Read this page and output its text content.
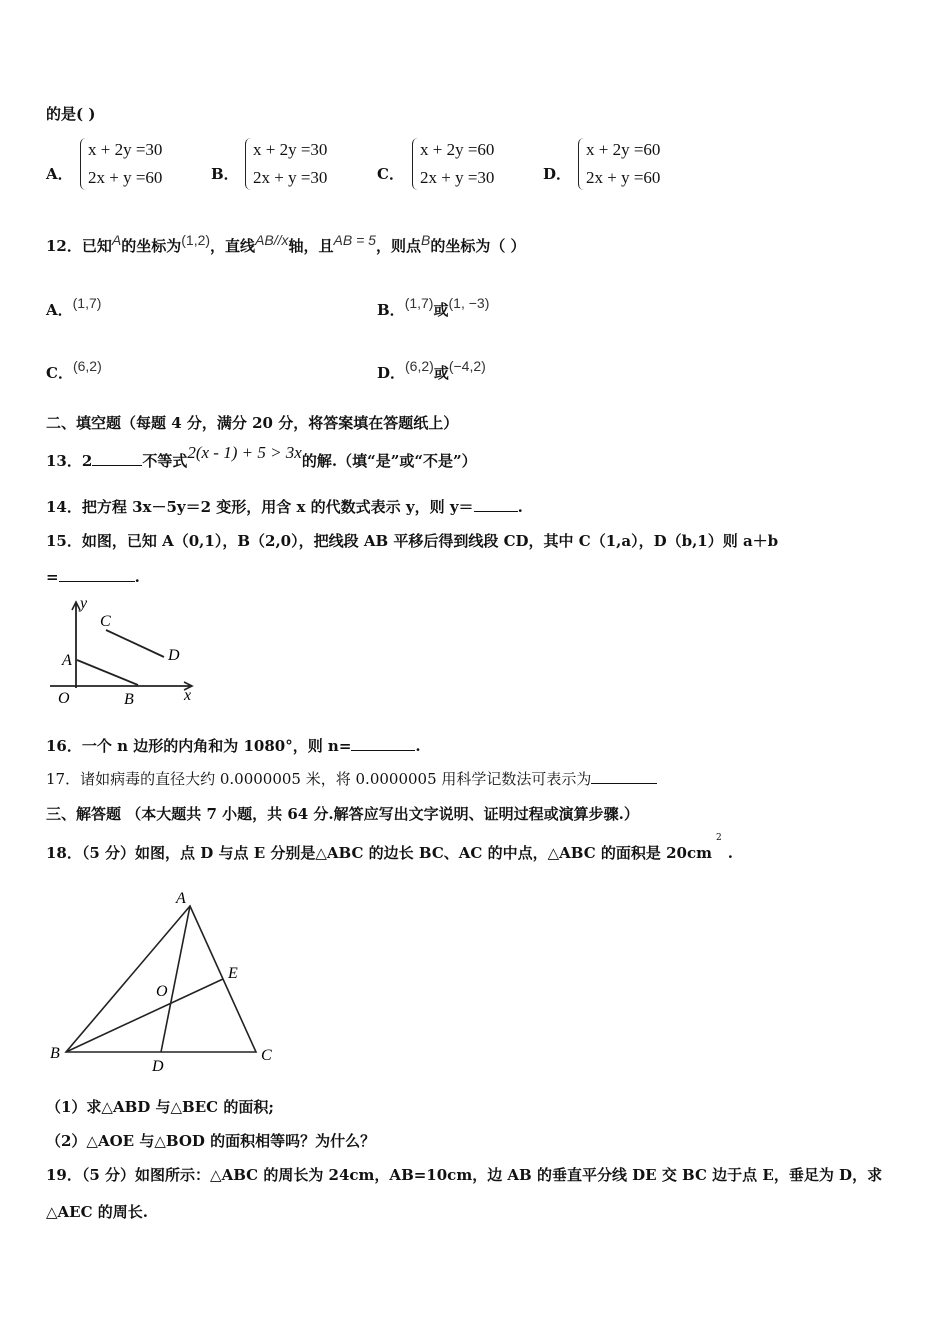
的是( )
A．
x + 2y =30
2x + y =60	B．
x + 2y =30
2x + y =30	C．
x + 2y =60
2x + y =30	D．
x + 2y =60
2x + y =60
12．已知A的坐标为(1,2)，直线AB//x轴，且AB = 5，则点B的坐标为（ ）
A．(1,7)	B．(1,7)或(1, −3)
C．(6,2)	D．(6,2)或(−4,2)
二、填空题（每题 4 分，满分 20 分，将答案填在答题纸上）
13．2	不等式2(x - 1) + 5 > 3x的解.（填“是”或“不是”）
14．把方程 3x－5y＝2 变形，用含 x 的代数式表示 y，则 y＝	.
15．如图，已知 A（0,1），B（2,0），把线段 AB 平移后得到线段 CD，其中 C（1,a），D（b,1）则 a＋b
=	.
y
C
D
A
O	B	x
16．一个 n 边形的内角和为 1080°，则 n=	.
17．诸如病毒的直径大约 0.0000005 米，将 0.0000005 用科学记数法可表示为
三、解答题 （本大题共 7 小题，共 64 分.解答应写出文字说明、证明过程或演算步骤.）
18．（5 分）如图，点 D 与点 E 分别是△ABC 的边长 BC、AC 的中点，△ABC 的面积是 $20cm^2$.
A
B	C
D
E
O
（1）求△ABD 与△BEC 的面积;
（2）△AOE 与△BOD 的面积相等吗？为什么？
19．（5 分）如图所示：△ABC 的周长为 24cm，AB=10cm，边 AB 的垂直平分线 DE 交 BC 边于点 E，垂足为 D，求
△AEC 的周长.
